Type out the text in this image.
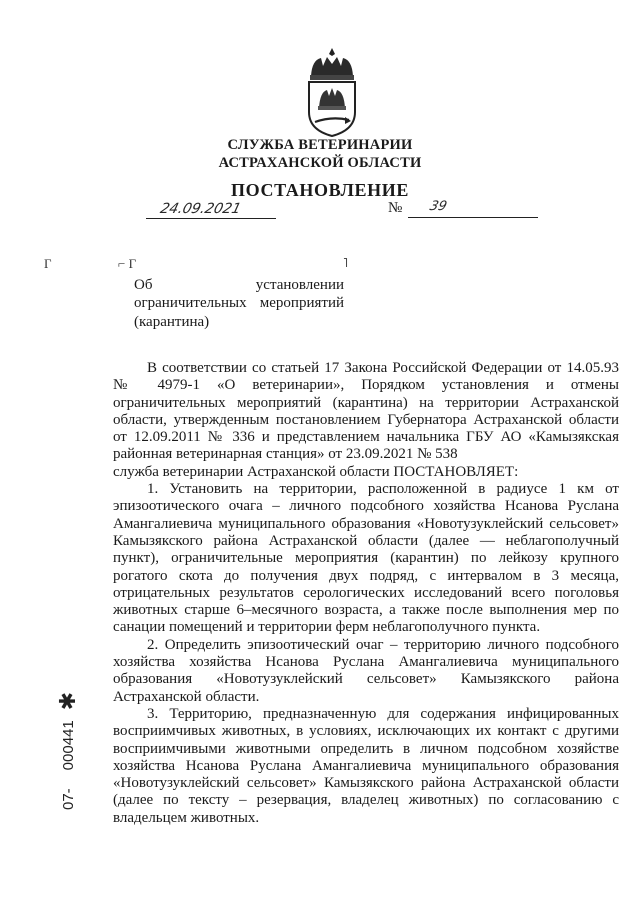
СЛУЖБА ВЕТЕРИНАРИИ
АСТРАХАНСКОЙ ОБЛАСТИ
ПОСТАНОВЛЕНИЕ
24.09.2021	№ 39
Г	⌐ Г	˥
Об установлении ограничительных мероприятий (карантина)

В соответствии со статьей 17 Закона Российской Федерации от 14.05.93 № 4979-1 «О ветеринарии», Порядком установления и отмены ограничительных мероприятий (карантина) на территории Астраханской области, утвержденным постановлением Губернатора Астраханской области от 12.09.2011 № 336 и представлением начальника ГБУ АО «Камызякская районная ветеринарная станция» от 23.09.2021 № 538

служба ветеринарии Астраханской области ПОСТАНОВЛЯЕТ:

1. Установить на территории, расположенной в радиусе 1 км от эпизоотического очага – личного подсобного хозяйства Нсанова Руслана Амангалиевича муниципального образования «Новотузуклейский сельсовет» Камызякского района Астраханской области (далее — неблагополучный пункт), ограничительные мероприятия (карантин) по лейкозу крупного рогатого скота до получения двух подряд, с интервалом в 3 месяца, отрицательных результатов серологических исследований всего поголовья животных старше 6–месячного возраста, а также после выполнения мер по санации помещений и территории ферм неблагополучного пункта.

2. Определить эпизоотический очаг – территорию личного подсобного хозяйства хозяйства Нсанова Руслана Амангалиевича муниципального образования «Новотузуклейский сельсовет» Камызякского района Астраханской области.

3. Территорию, предназначенную для содержания инфицированных восприимчивых животных, в условиях, исключающих их контакт с другими восприимчивыми животными определить в личном подсобном хозяйстве хозяйства Нсанова Руслана Амангалиевича муниципального образования «Новотузуклейский сельсовет» Камызякского района Астраханской области (далее по тексту – резервация, владелец животных) по согласованию с владельцем животных.

07-
000441
✱
